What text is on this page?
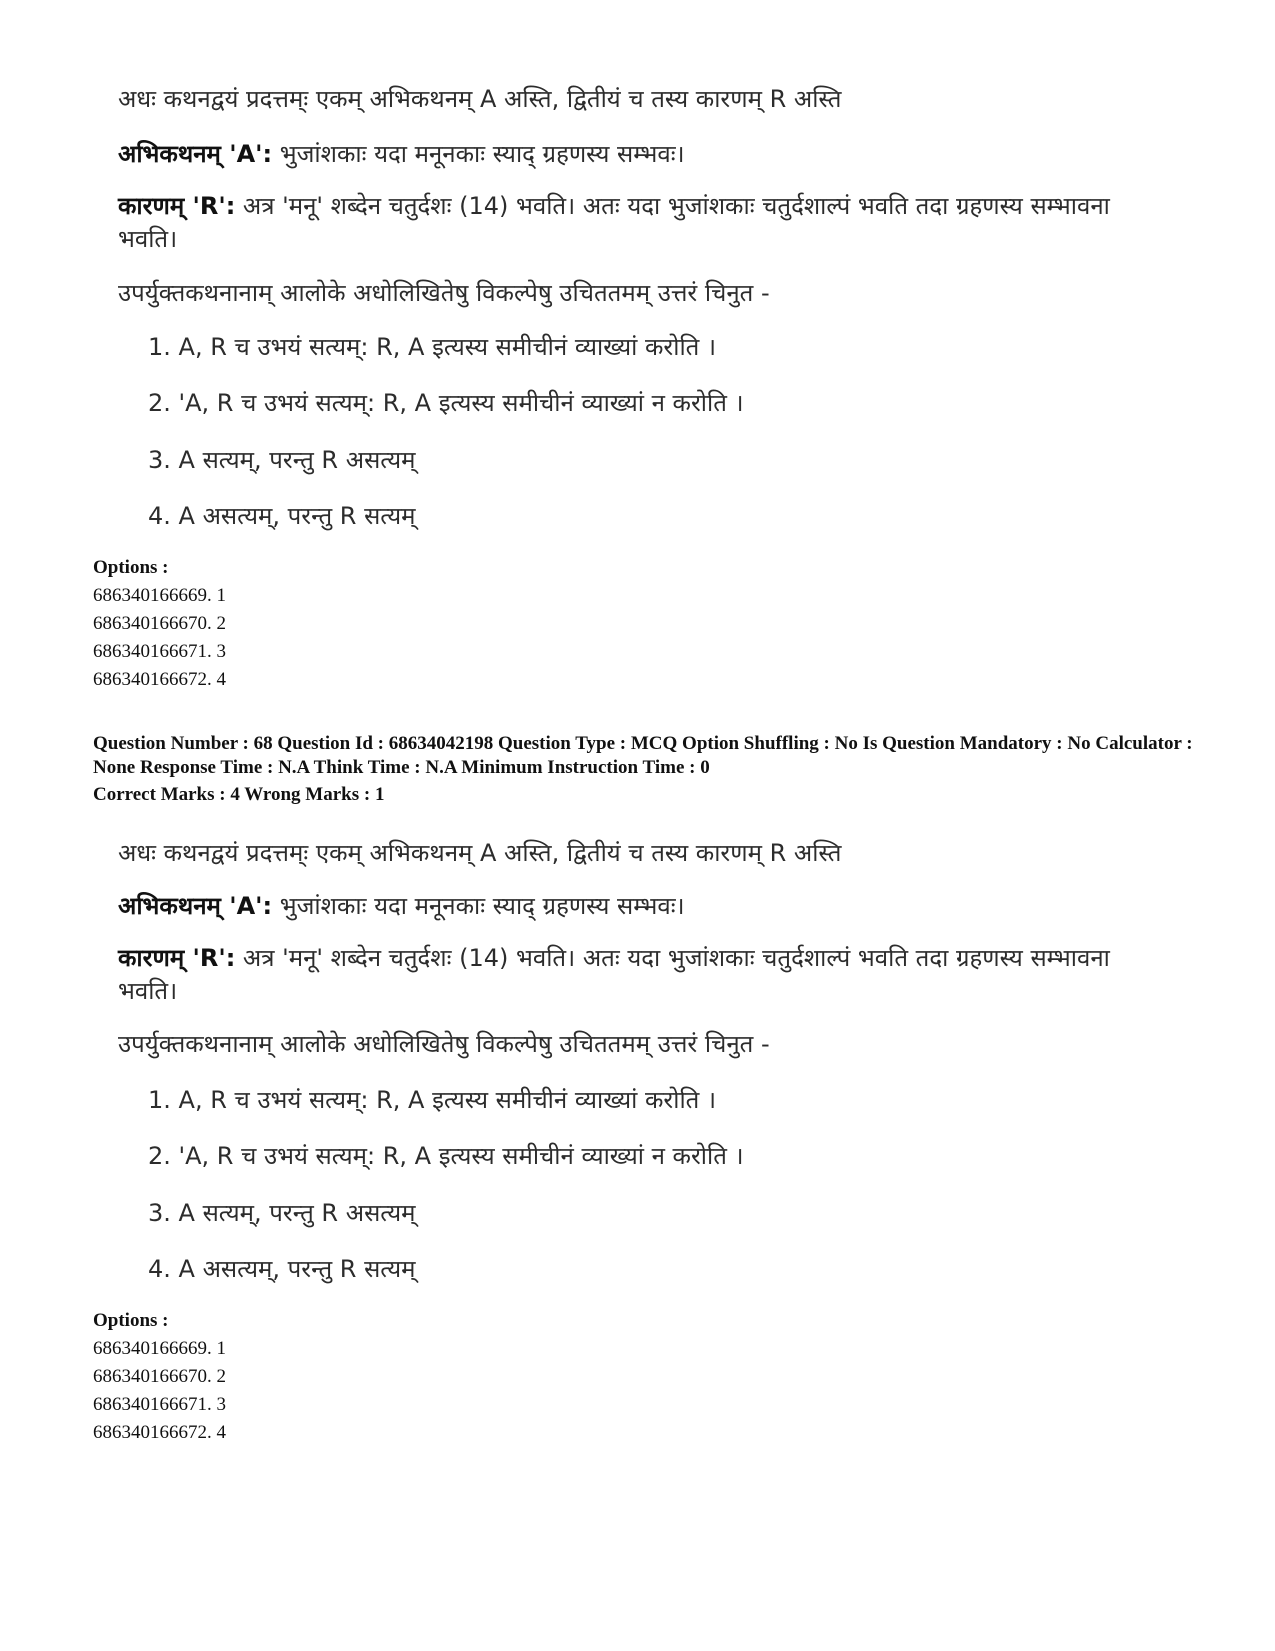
अधः कथनद्वयं प्रदत्तम्ः एकम् अभिकथनम् A अस्ति, द्वितीयं च तस्य कारणम् R अस्ति
अभिकथनम् 'A': भुजांशकाः यदा मनूनकाः स्याद् ग्रहणस्य सम्भवः।
कारणम् 'R': अत्र 'मनू' शब्देन चतुर्दशः (14) भवति। अतः यदा भुजांशकाः चतुर्दशाल्पं भवति तदा ग्रहणस्य सम्भावना भवति।
उपर्युक्तकथनानाम् आलोके अधोलिखितेषु विकल्पेषु उचिततमम् उत्तरं चिनुत -
1. A, R च उभयं सत्यम्: R, A इत्यस्य समीचीनं व्याख्यां करोति ।
2. 'A, R च उभयं सत्यम्: R, A इत्यस्य समीचीनं व्याख्यां न करोति ।
3. A सत्यम्, परन्तु R असत्यम्
4. A असत्यम्, परन्तु R सत्यम्
Options :
686340166669. 1
686340166670. 2
686340166671. 3
686340166672. 4
Question Number : 68 Question Id : 68634042198 Question Type : MCQ Option Shuffling : No Is Question Mandatory : No Calculator : None Response Time : N.A Think Time : N.A Minimum Instruction Time : 0
Correct Marks : 4 Wrong Marks : 1
अधः कथनद्वयं प्रदत्तम्ः एकम् अभिकथनम् A अस्ति, द्वितीयं च तस्य कारणम् R अस्ति
अभिकथनम् 'A': भुजांशकाः यदा मनूनकाः स्याद् ग्रहणस्य सम्भवः।
कारणम् 'R': अत्र 'मनू' शब्देन चतुर्दशः (14) भवति। अतः यदा भुजांशकाः चतुर्दशाल्पं भवति तदा ग्रहणस्य सम्भावना भवति।
उपर्युक्तकथनानाम् आलोके अधोलिखितेषु विकल्पेषु उचिततमम् उत्तरं चिनुत -
1. A, R च उभयं सत्यम्: R, A इत्यस्य समीचीनं व्याख्यां करोति ।
2. 'A, R च उभयं सत्यम्: R, A इत्यस्य समीचीनं व्याख्यां न करोति ।
3. A सत्यम्, परन्तु R असत्यम्
4. A असत्यम्, परन्तु R सत्यम्
Options :
686340166669. 1
686340166670. 2
686340166671. 3
686340166672. 4
